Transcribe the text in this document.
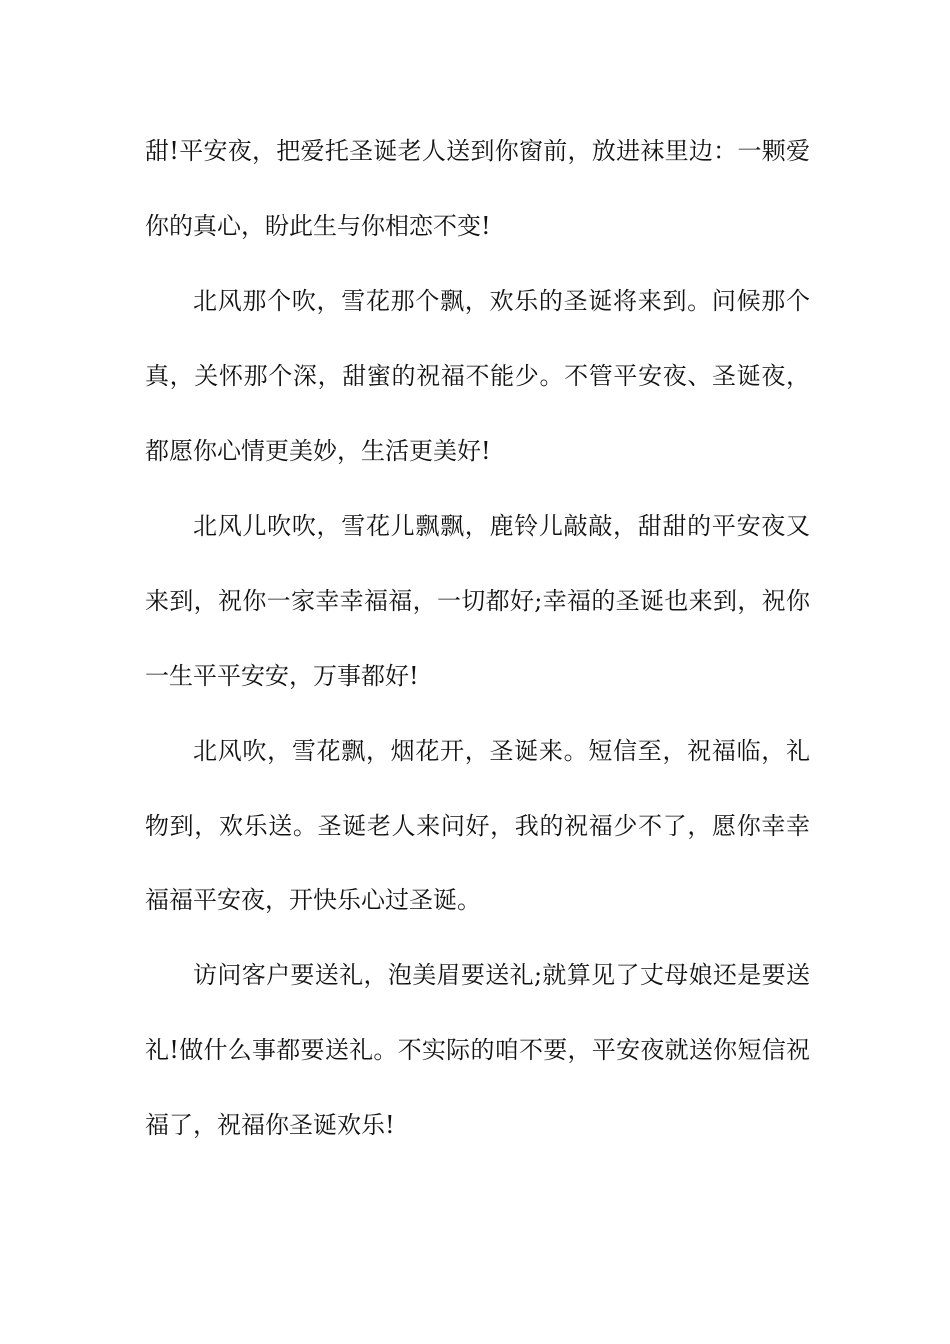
甜!平安夜，把爱托圣诞老人送到你窗前，放进袜里边：一颗爱
你的真心，盼此生与你相恋不变!
北风那个吹，雪花那个飘，欢乐的圣诞将来到。问候那个
真，关怀那个深，甜蜜的祝福不能少。不管平安夜、圣诞夜，
都愿你心情更美妙，生活更美好!
北风儿吹吹，雪花儿飘飘，鹿铃儿敲敲，甜甜的平安夜又
来到，祝你一家幸幸福福，一切都好;幸福的圣诞也来到，祝你
一生平平安安，万事都好!
北风吹，雪花飘，烟花开，圣诞来。短信至，祝福临，礼
物到，欢乐送。圣诞老人来问好，我的祝福少不了，愿你幸幸
福福平安夜，开快乐心过圣诞。
访问客户要送礼，泡美眉要送礼;就算见了丈母娘还是要送
礼!做什么事都要送礼。不实际的咱不要，平安夜就送你短信祝
福了，祝福你圣诞欢乐!
